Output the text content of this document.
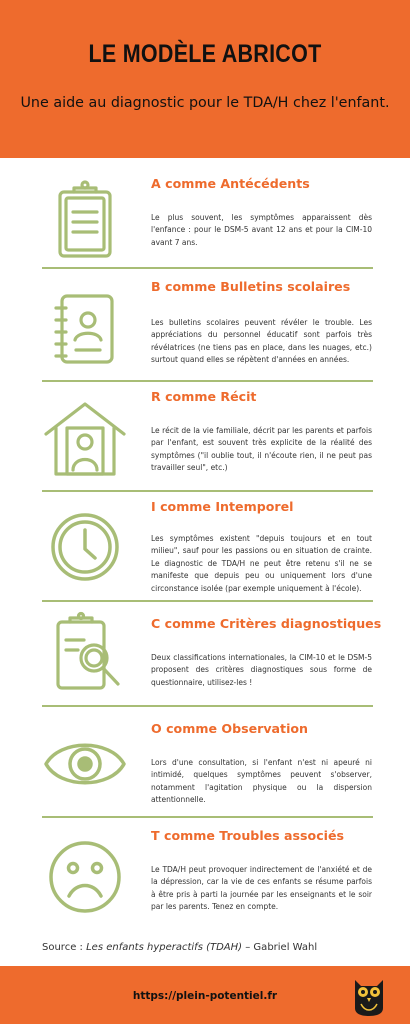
LE MODÈLE ABRICOT
Une aide au diagnostic pour le TDA/H chez l'enfant.
A comme Antécédents
Le plus souvent, les symptômes apparaissent dès l'enfance : pour le DSM-5 avant 12 ans et pour la CIM-10 avant 7 ans.
B comme Bulletins scolaires
Les bulletins scolaires peuvent révéler le trouble. Les appréciations du personnel éducatif sont parfois très révélatrices (ne tiens pas en place, dans les nuages, etc.) surtout quand elles se répètent d'années en années.
R comme Récit
Le récit de la vie familiale, décrit par les parents et parfois par l'enfant, est souvent très explicite de la réalité des symptômes ("il oublie tout, il n'écoute rien, il ne peut pas travailler seul", etc.)
I comme Intemporel
Les symptômes existent "depuis toujours et en tout milieu", sauf pour les passions ou en situation de crainte. Le diagnostic de TDA/H ne peut être retenu s'il ne se manifeste que depuis peu ou uniquement lors d'une circonstance isolée (par exemple uniquement à l'école).
C comme Critères diagnostiques
Deux classifications internationales, la CIM-10 et le DSM-5 proposent des critères diagnostiques sous forme de questionnaire, utilisez-les !
O comme Observation
Lors d'une consultation, si l'enfant n'est ni apeuré ni intimidé, quelques symptômes peuvent s'observer, notamment l'agitation physique ou la dispersion attentionnelle.
T comme Troubles associés
Le TDA/H peut provoquer indirectement de l'anxiété et de la dépression, car la vie de ces enfants se résume parfois à être pris à parti la journée par les enseignants et le soir par les parents. Tenez en compte.
Source : Les enfants hyperactifs (TDAH) – Gabriel Wahl
https://plein-potentiel.fr
